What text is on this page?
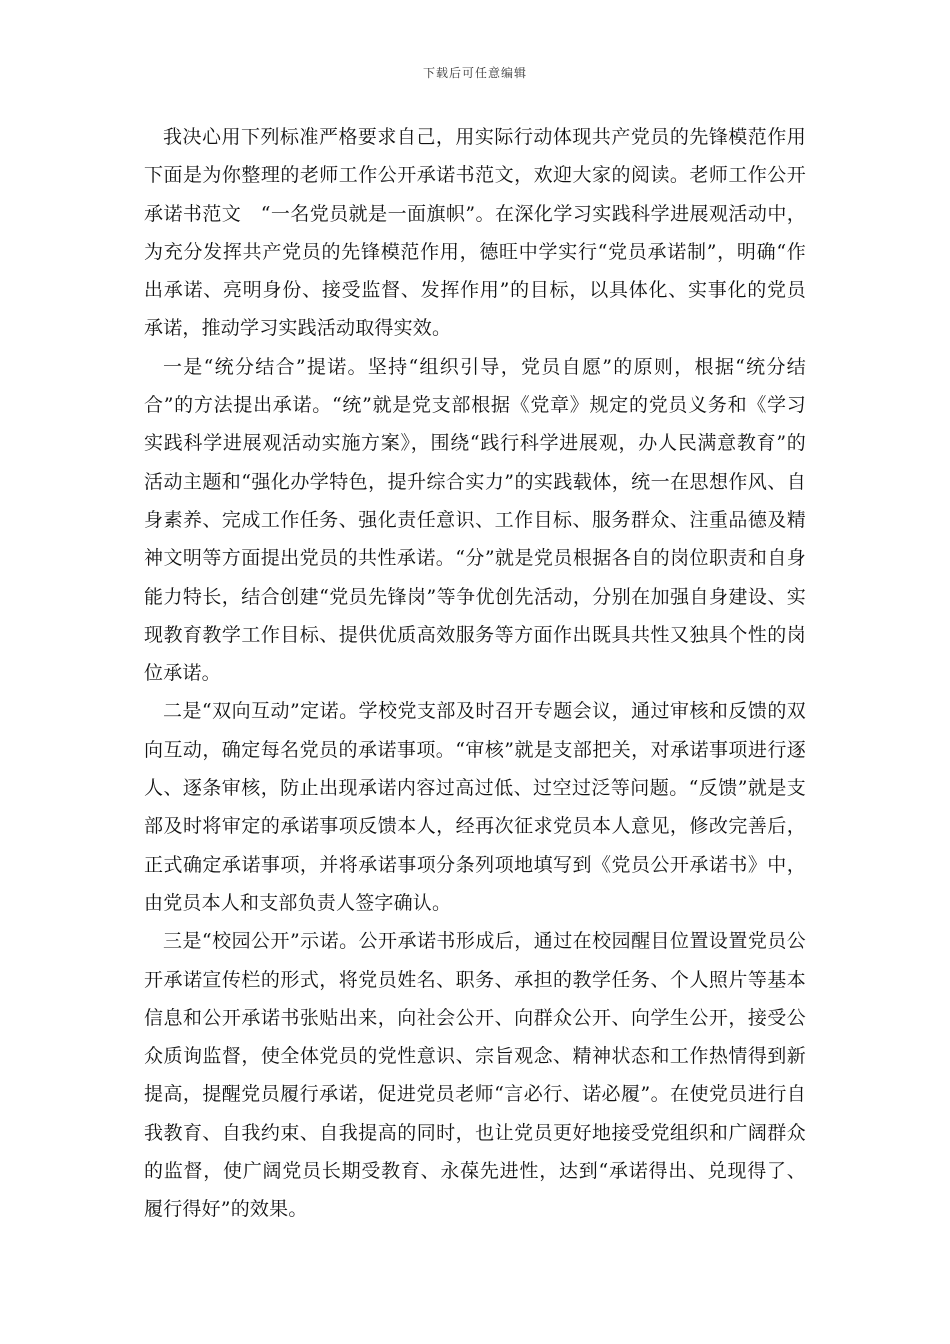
下载后可任意编辑

我决心用下列标准严格要求自己，用实际行动体现共产党员的先锋模范作用下面是为你整理的老师工作公开承诺书范文，欢迎大家的阅读。老师工作公开承诺书范文　“一名党员就是一面旗帜”。在深化学习实践科学进展观活动中，为充分发挥共产党员的先锋模范作用，德旺中学实行“党员承诺制”，明确“作出承诺、亮明身份、接受监督、发挥作用”的目标，以具体化、实事化的党员承诺，推动学习实践活动取得实效。

一是“统分结合”提诺。坚持“组织引导，党员自愿”的原则，根据“统分结合”的方法提出承诺。“统”就是党支部根据《党章》规定的党员义务和《学习实践科学进展观活动实施方案》，围绕“践行科学进展观，办人民满意教育”的活动主题和“强化办学特色，提升综合实力”的实践载体，统一在思想作风、自身素养、完成工作任务、强化责任意识、工作目标、服务群众、注重品德及精神文明等方面提出党员的共性承诺。“分”就是党员根据各自的岗位职责和自身能力特长，结合创建“党员先锋岗”等争优创先活动，分别在加强自身建设、实现教育教学工作目标、提供优质高效服务等方面作出既具共性又独具个性的岗位承诺。

二是“双向互动”定诺。学校党支部及时召开专题会议，通过审核和反馈的双向互动，确定每名党员的承诺事项。“审核”就是支部把关，对承诺事项进行逐人、逐条审核，防止出现承诺内容过高过低、过空过泛等问题。“反馈”就是支部及时将审定的承诺事项反馈本人，经再次征求党员本人意见，修改完善后，正式确定承诺事项，并将承诺事项分条列项地填写到《党员公开承诺书》中，由党员本人和支部负责人签字确认。

三是“校园公开”示诺。公开承诺书形成后，通过在校园醒目位置设置党员公开承诺宣传栏的形式，将党员姓名、职务、承担的教学任务、个人照片等基本信息和公开承诺书张贴出来，向社会公开、向群众公开、向学生公开，接受公众质询监督，使全体党员的党性意识、宗旨观念、精神状态和工作热情得到新提高，提醒党员履行承诺，促进党员老师“言必行、诺必履”。在使党员进行自我教育、自我约束、自我提高的同时，也让党员更好地接受党组织和广阔群众的监督，使广阔党员长期受教育、永葆先进性，达到“承诺得出、兑现得了、履行得好”的效果。
